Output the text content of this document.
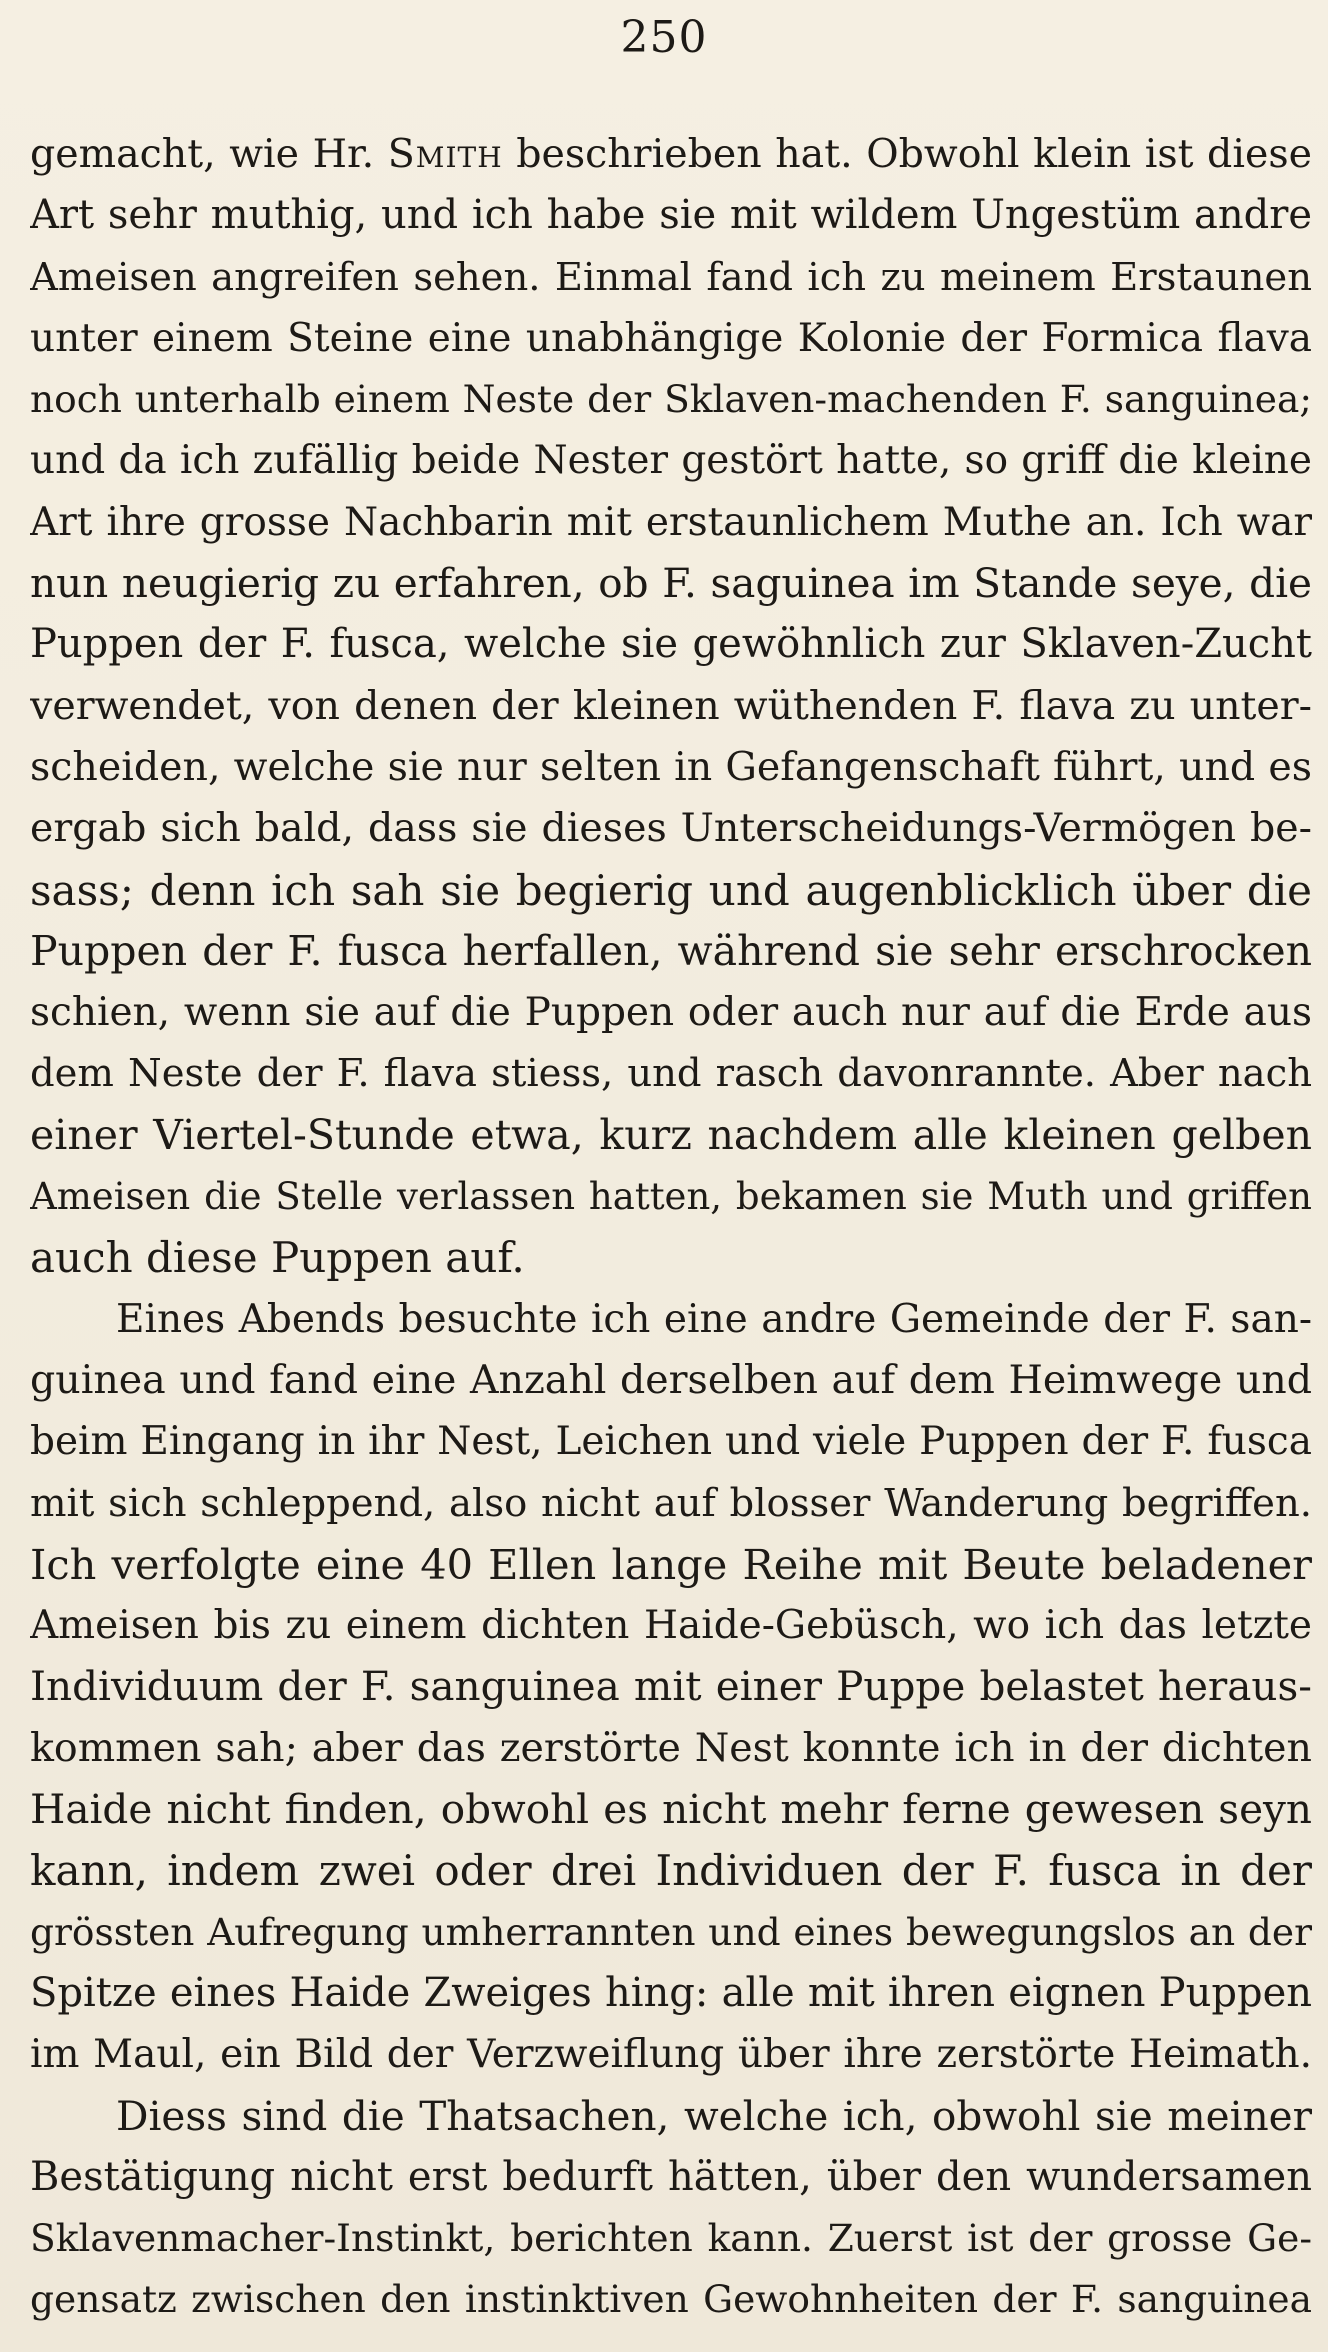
250
gemacht, wie Hr. Smith beschrieben hat. Obwohl klein ist diese
Art sehr muthig, und ich habe sie mit wildem Ungestüm andre
Ameisen angreifen sehen. Einmal fand ich zu meinem Erstaunen
unter einem Steine eine unabhängige Kolonie der Formica flava
noch unterhalb einem Neste der Sklaven-machenden F. sanguinea;
und da ich zufällig beide Nester gestört hatte, so griff die kleine
Art ihre grosse Nachbarin mit erstaunlichem Muthe an. Ich war
nun neugierig zu erfahren, ob F. saguinea im Stande seye, die
Puppen der F. fusca, welche sie gewöhnlich zur Sklaven-Zucht
verwendet, von denen der kleinen wüthenden F. flava zu unter-
scheiden, welche sie nur selten in Gefangenschaft führt, und es
ergab sich bald, dass sie dieses Unterscheidungs-Vermögen be-
sass; denn ich sah sie begierig und augenblicklich über die
Puppen der F. fusca herfallen, während sie sehr erschrocken
schien, wenn sie auf die Puppen oder auch nur auf die Erde aus
dem Neste der F. flava stiess, und rasch davonrannte. Aber nach
einer Viertel-Stunde etwa, kurz nachdem alle kleinen gelben
Ameisen die Stelle verlassen hatten, bekamen sie Muth und griffen
auch diese Puppen auf.
Eines Abends besuchte ich eine andre Gemeinde der F. san-
guinea und fand eine Anzahl derselben auf dem Heimwege und
beim Eingang in ihr Nest, Leichen und viele Puppen der F. fusca
mit sich schleppend, also nicht auf blosser Wanderung begriffen.
Ich verfolgte eine 40 Ellen lange Reihe mit Beute beladener
Ameisen bis zu einem dichten Haide-Gebüsch, wo ich das letzte
Individuum der F. sanguinea mit einer Puppe belastet heraus-
kommen sah; aber das zerstörte Nest konnte ich in der dichten
Haide nicht finden, obwohl es nicht mehr ferne gewesen seyn
kann, indem zwei oder drei Individuen der F. fusca in der
grössten Aufregung umherrannten und eines bewegungslos an der
Spitze eines Haide Zweiges hing: alle mit ihren eignen Puppen
im Maul, ein Bild der Verzweiflung über ihre zerstörte Heimath.
Diess sind die Thatsachen, welche ich, obwohl sie meiner
Bestätigung nicht erst bedurft hätten, über den wundersamen
Sklavenmacher-Instinkt, berichten kann. Zuerst ist der grosse Ge-
gensatz zwischen den instinktiven Gewohnheiten der F. sanguinea
